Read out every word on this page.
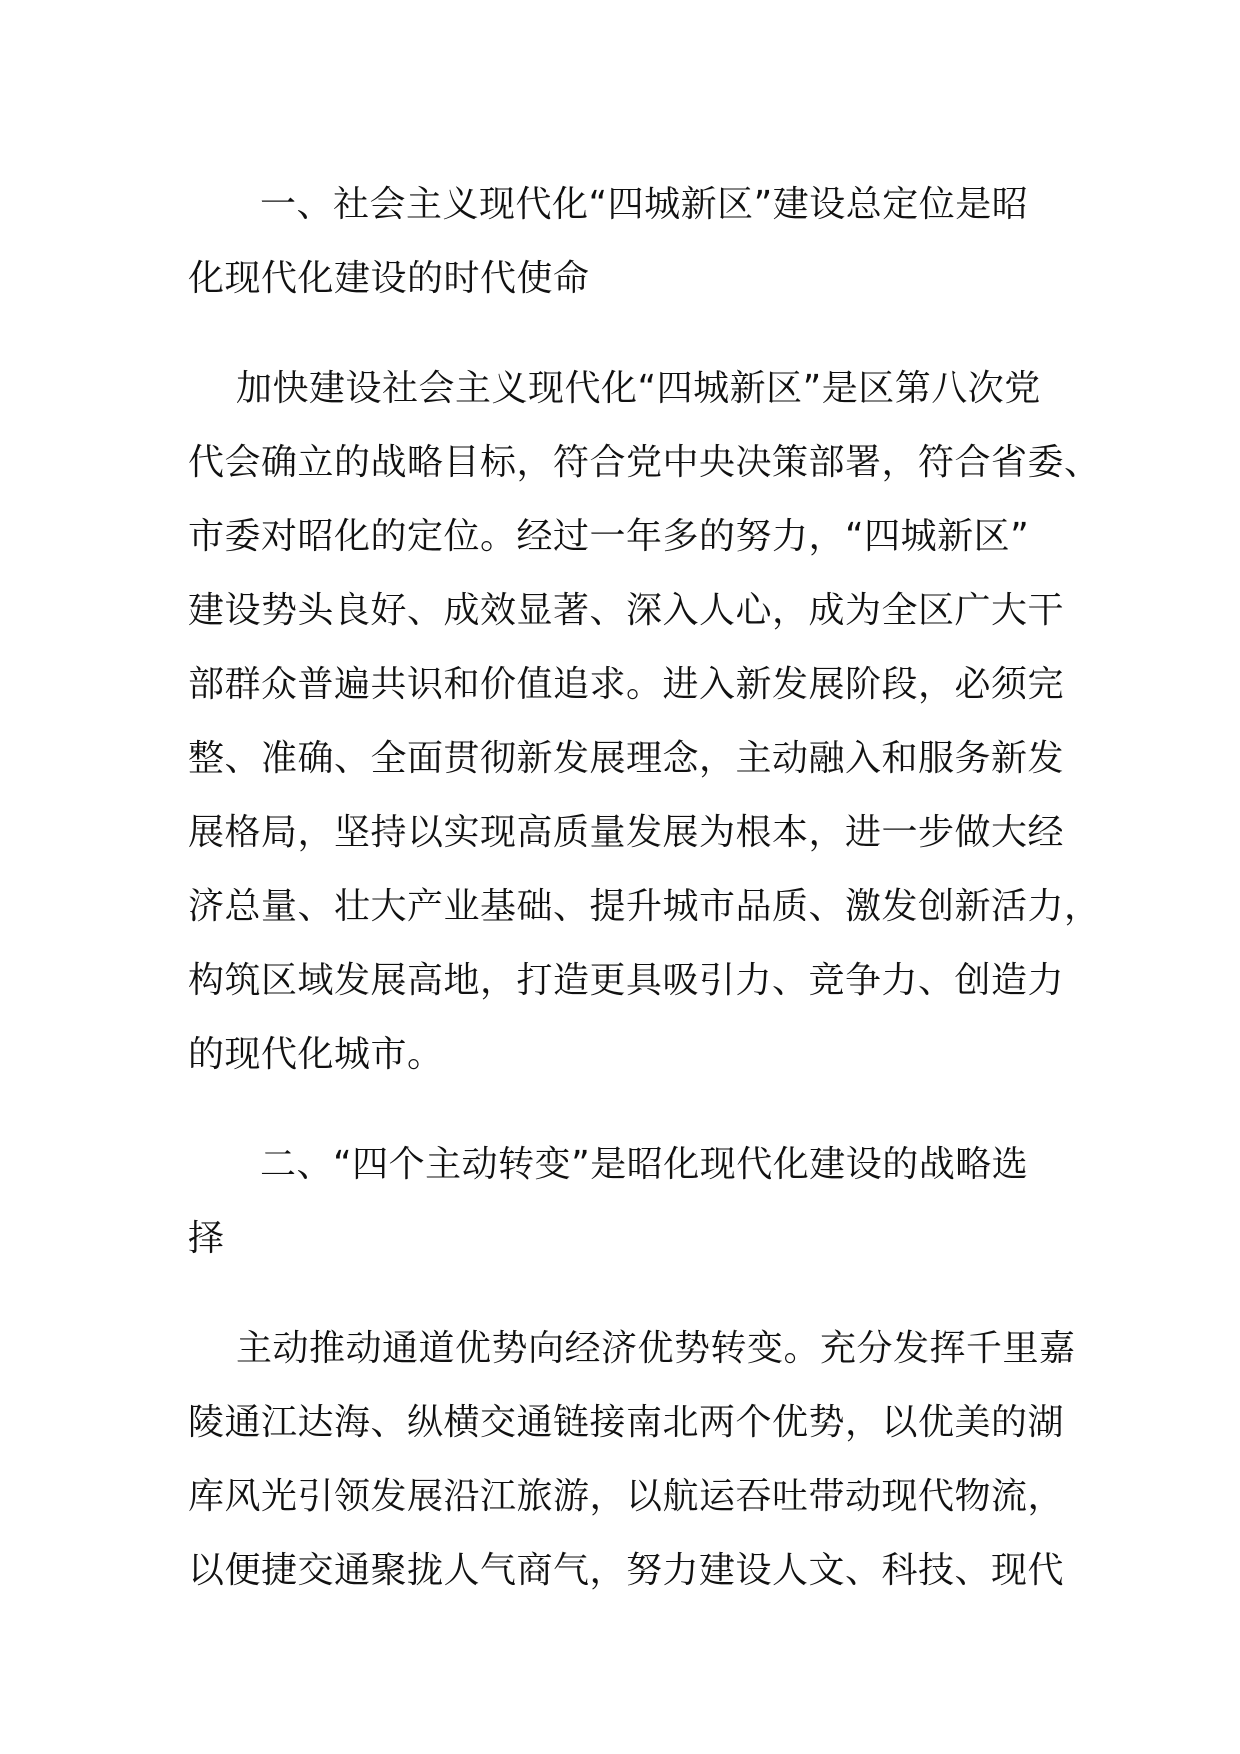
一、社会主义现代化“四城新区”建设总定位是昭
化现代化建设的时代使命
加快建设社会主义现代化“四城新区”是区第八次党
代会确立的战略目标，符合党中央决策部署，符合省委、
市委对昭化的定位。经过一年多的努力，“四城新区”
建设势头良好、成效显著、深入人心，成为全区广大干
部群众普遍共识和价值追求。进入新发展阶段，必须完
整、准确、全面贯彻新发展理念，主动融入和服务新发
展格局，坚持以实现高质量发展为根本，进一步做大经
济总量、壮大产业基础、提升城市品质、激发创新活力，
构筑区域发展高地，打造更具吸引力、竞争力、创造力
的现代化城市。
二、“四个主动转变”是昭化现代化建设的战略选
择
主动推动通道优势向经济优势转变。充分发挥千里嘉
陵通江达海、纵横交通链接南北两个优势，以优美的湖
库风光引领发展沿江旅游，以航运吞吐带动现代物流，
以便捷交通聚拢人气商气，努力建设人文、科技、现代
